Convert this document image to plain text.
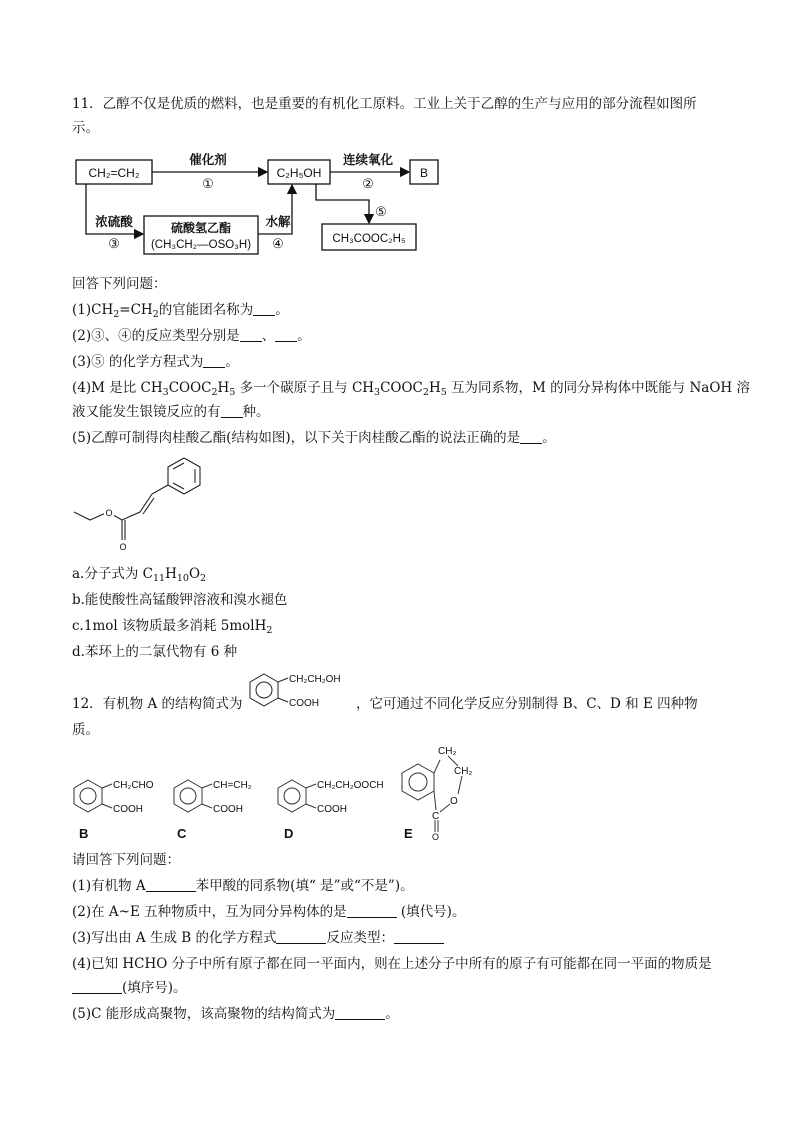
11．乙醇不仅是优质的燃料，也是重要的有机化工原料。工业上关于乙醇的生产与应用的部分流程如图所
示。
CH₂=CH₂	C₂H₅OH	B
硫酸氢乙酯
(CH₃CH₂—OSO₃H)	CH₃COOC₂H₅
催化剂
①
连续氧化
②
浓硫酸
③
水解
④
⑤
回答下列问题：
$(1)CH_2=CH_2$的官能团名称为 。
(2)③、④的反应类型分别是 、 。
(3)⑤ 的化学方程式为 。
(4)M 是比 $CH_3COOC_2H_5$ 多一个碳原子且与 $CH_3COOC_2H_5$ 互为同系物，M 的同分异构体中既能与 NaOH 溶
液又能发生银镜反应的有 种。
(5)乙醇可制得肉桂酸乙酯(结构如图)，以下关于肉桂酸乙酯的说法正确的是 。
O
O
a.分子式为 $C_{11}H_{10}O_2$
b.能使酸性高锰酸钾溶液和溴水褪色
c.1mol 该物质最多消耗 5molH$_2$
d.苯环上的二氯代物有 6 种
12．有机物 A 的结构简式为
CH₂CH₂OH
COOH	，它可通过不同化学反应分别制得 B、C、D 和 E 四种物
质。
CH₂CHO
COOH
CH=CH₂
COOH
CH₂CH₂OOCH
COOH
CH₂
CH₂
O
C
O
B	C	D	E
请回答下列问题：
(1)有机物 A	苯甲酸的同系物(填“ 是”或“不是”)。
(2)在 A~E 五种物质中，互为同分异构体的是	(填代号)。
(3)写出由 A 生成 B 的化学方程式	反应类型：
(4)已知 HCHO 分子中所有原子都在同一平面内，则在上述分子中所有的原子有可能都在同一平面的物质是
(填序号)。
(5)C 能形成高聚物，该高聚物的结构简式为	。
